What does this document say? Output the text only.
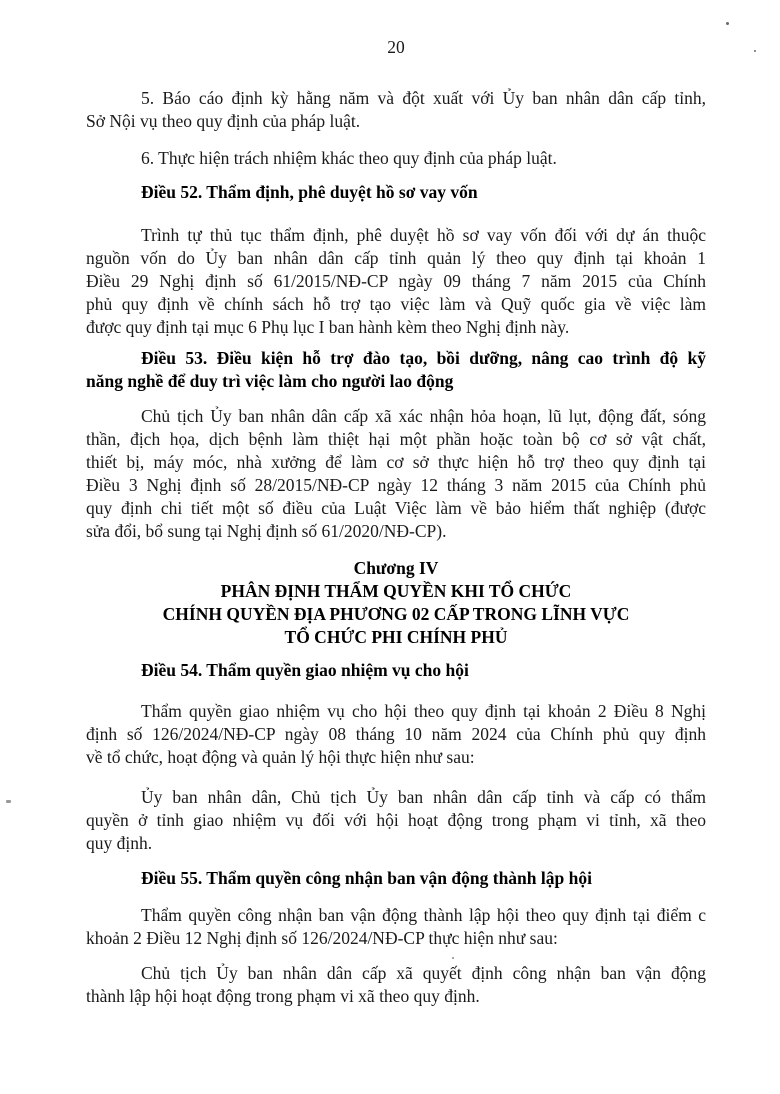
20
5. Báo cáo định kỳ hằng năm và đột xuất với Ủy ban nhân dân cấp tỉnh,
Sở Nội vụ theo quy định của pháp luật.
6. Thực hiện trách nhiệm khác theo quy định của pháp luật.
Điều 52. Thẩm định, phê duyệt hồ sơ vay vốn
Trình tự thủ tục thẩm định, phê duyệt hồ sơ vay vốn đối với dự án thuộc
nguồn vốn do Ủy ban nhân dân cấp tỉnh quản lý theo quy định tại khoản 1
Điều 29 Nghị định số 61/2015/NĐ-CP ngày 09 tháng 7 năm 2015 của Chính
phủ quy định về chính sách hỗ trợ tạo việc làm và Quỹ quốc gia về việc làm
được quy định tại mục 6 Phụ lục I ban hành kèm theo Nghị định này.
Điều 53. Điều kiện hỗ trợ đào tạo, bồi dưỡng, nâng cao trình độ kỹ
năng nghề để duy trì việc làm cho người lao động
Chủ tịch Ủy ban nhân dân cấp xã xác nhận hỏa hoạn, lũ lụt, động đất, sóng
thần, địch họa, dịch bệnh làm thiệt hại một phần hoặc toàn bộ cơ sở vật chất,
thiết bị, máy móc, nhà xưởng để làm cơ sở thực hiện hỗ trợ theo quy định tại
Điều 3 Nghị định số 28/2015/NĐ-CP ngày 12 tháng 3 năm 2015 của Chính phủ
quy định chi tiết một số điều của Luật Việc làm về bảo hiểm thất nghiệp (được
sửa đổi, bổ sung tại Nghị định số 61/2020/NĐ-CP).
Chương IV
PHÂN ĐỊNH THẨM QUYỀN KHI TỔ CHỨC
CHÍNH QUYỀN ĐỊA PHƯƠNG 02 CẤP TRONG LĨNH VỰC
TỔ CHỨC PHI CHÍNH PHỦ
Điều 54. Thẩm quyền giao nhiệm vụ cho hội
Thẩm quyền giao nhiệm vụ cho hội theo quy định tại khoản 2 Điều 8 Nghị
định số 126/2024/NĐ-CP ngày 08 tháng 10 năm 2024 của Chính phủ quy định
về tổ chức, hoạt động và quản lý hội thực hiện như sau:
Ủy ban nhân dân, Chủ tịch Ủy ban nhân dân cấp tỉnh và cấp có thẩm
quyền ở tỉnh giao nhiệm vụ đối với hội hoạt động trong phạm vi tỉnh, xã theo
quy định.
Điều 55. Thẩm quyền công nhận ban vận động thành lập hội
Thẩm quyền công nhận ban vận động thành lập hội theo quy định tại điểm c
khoản 2 Điều 12 Nghị định số 126/2024/NĐ-CP thực hiện như sau:
Chủ tịch Ủy ban nhân dân cấp xã quyết định công nhận ban vận động
thành lập hội hoạt động trong phạm vi xã theo quy định.
